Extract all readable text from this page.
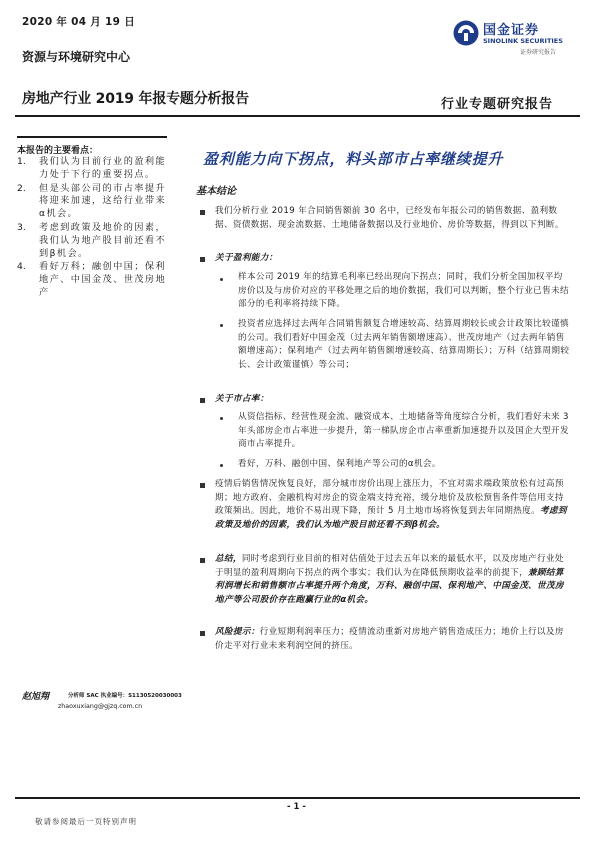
2020 年 04 月 19 日
资源与环境研究中心
房地产行业 2019 年报专题分析报告
国金证券
SINOLINK SECURITIES
证券研究报告
行业专题研究报告
本报告的主要看点：
1.	我们认为目前行业的盈利能力处于下行的重要拐点。
2.	但是头部公司的市占率提升将迎来加速，这给行业带来α机会。
3.	考虑到政策及地价的因素，我们认为地产股目前还看不到β机会。
4.	看好万科；融创中国；保利地产、中国金茂、世茂房地产
盈利能力向下拐点，料头部市占率继续提升
基本结论
我们分析行业 2019 年合同销售额前 30 名中，已经发布年报公司的销售数据、盈利数据、资债数据、现金流数据、土地储备数据以及行业地价、房价等数据，得到以下判断。
关于盈利能力：
样本公司 2019 年的结算毛利率已经出现向下拐点；同时，我们分析全国加权平均房价以及与房价对应的平移处理之后的地价数据，我们可以判断，整个行业已售未结部分的毛利率将持续下降。
投资者应选择过去两年合同销售额复合增速较高、结算周期较长或会计政策比较谨慎的公司。我们看好中国金茂（过去两年销售额增速高）、世茂房地产（过去两年销售额增速高）；保利地产（过去两年销售额增速较高、结算周期长）；万科（结算周期较长、会计政策谨慎）等公司；
关于市占率：
从资信指标、经营性现金流、融资成本、土地储备等角度综合分析，我们看好未来 3 年头部房企市占率进一步提升，第一梯队房企市占率重新加速提升以及国企大型开发商市占率提升。
看好，万科、融创中国、保利地产等公司的α机会。
疫情后销售情况恢复良好，部分城市房价出现上涨压力，不宜对需求端政策放松有过高预期；地方政府、金融机构对房企的资金端支持充裕，缓分地价及放松预售条件等信用支持政策频出。因此，地价不易出现下降，预计 5 月土地市场将恢复到去年同期热度。考虑到政策及地价的因素，我们认为地产股目前还看不到β机会。
总结，同时考虑到行业目前的相对估值处于过去五年以来的最低水平，以及房地产行业处于明显的盈利周期向下拐点的两个事实；我们认为在降低预期收益率的前提下，兼顾结算利润增长和销售额市占率提升两个角度，万科、融创中国、保利地产、中国金茂、世茂房地产等公司股价存在跑赢行业的α机会。
风险提示：行业短期利润率压力；疫情流动重新对房地产销售造成压力；地价上行以及房价走平对行业未来利润空间的挤压。
赵旭翔	分析师 SAC 执业编号：S1130520030003
zhaoxuxiang@gjzq.com.cn
- 1 -
敬请参阅最后一页特别声明
